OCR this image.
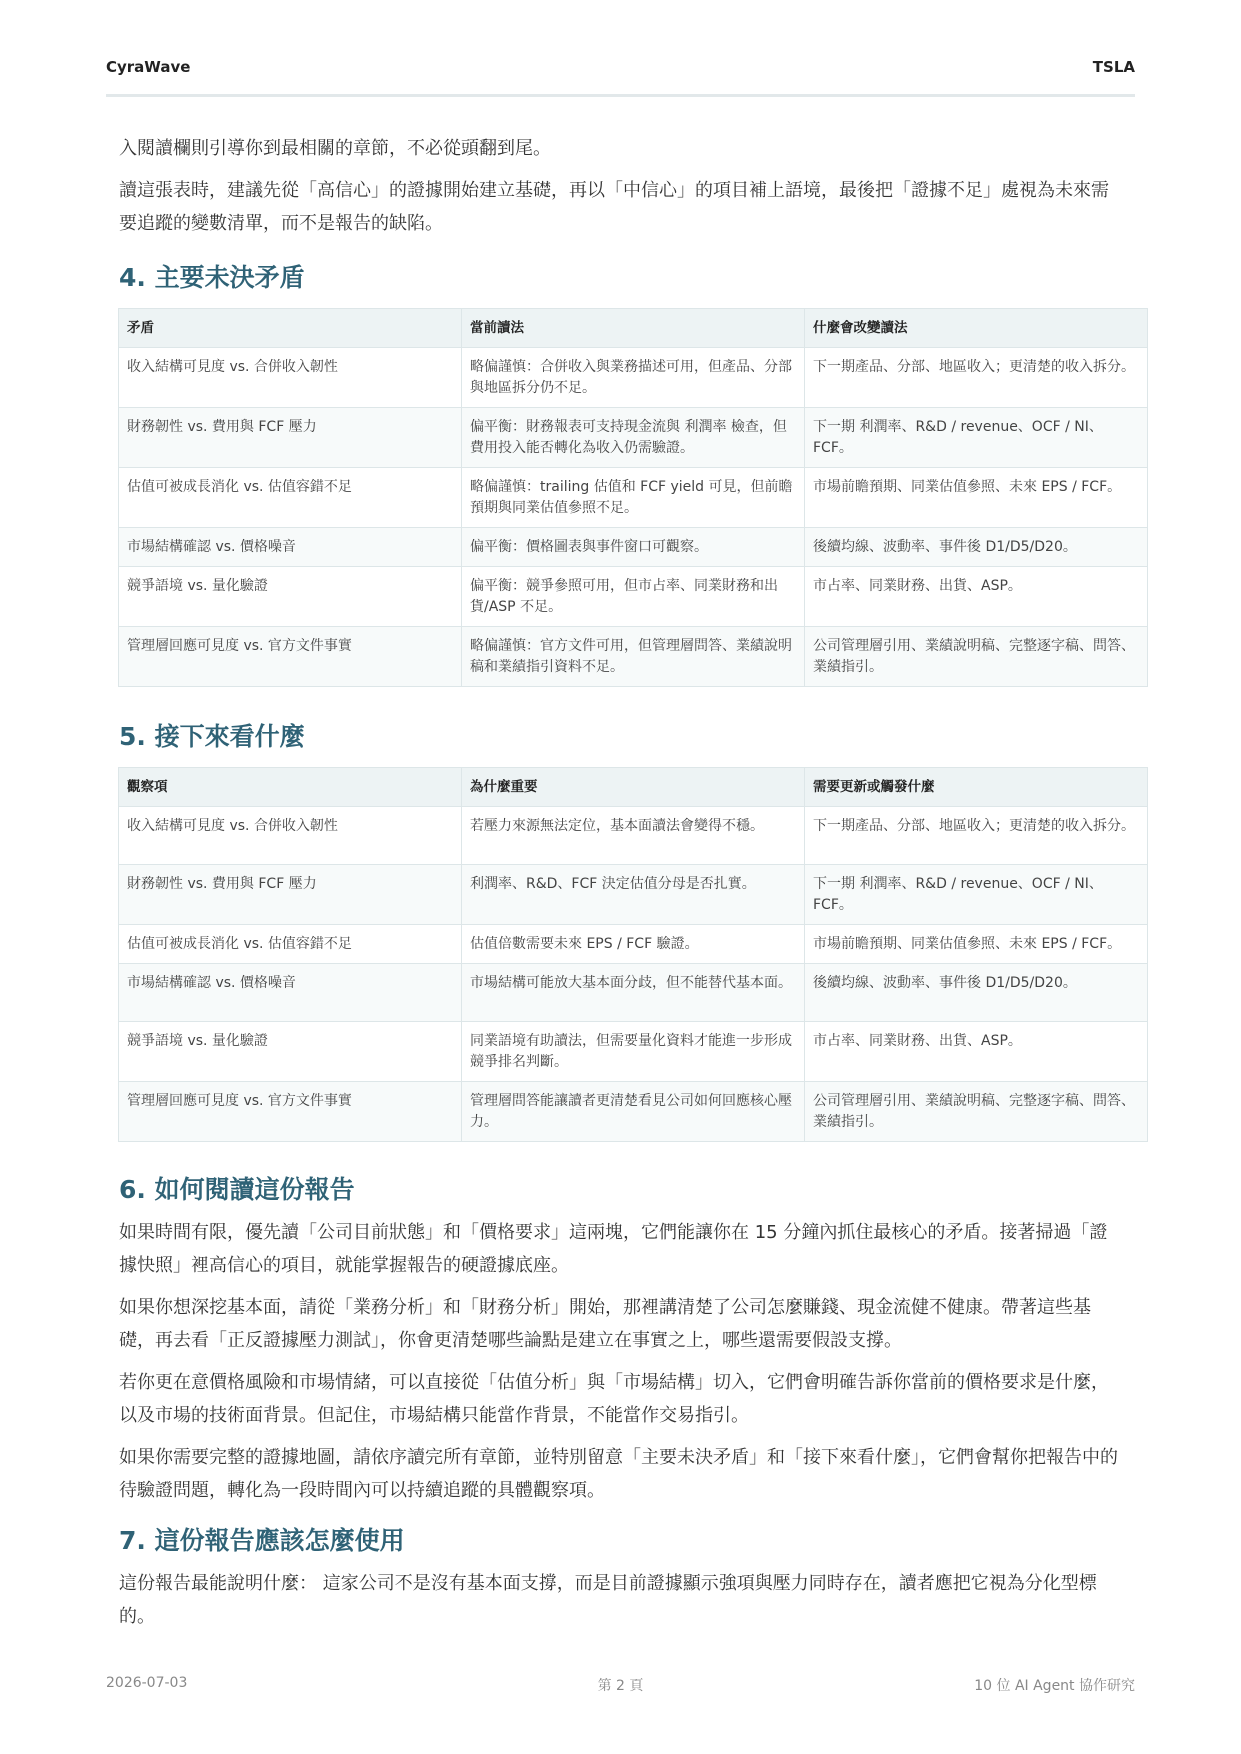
CyraWave	TSLA

入閱讀欄則引導你到最相關的章節，不必從頭翻到尾。

讀這張表時，建議先從「高信心」的證據開始建立基礎，再以「中信心」的項目補上語境，最後把「證據不足」處視為未來需要追蹤的變數清單，而不是報告的缺陷。

4. 主要未決矛盾
矛盾	當前讀法	什麼會改變讀法
收入結構可見度 vs. 合併收入韌性	略偏謹慎：合併收入與業務描述可用，但產品、分部與地區拆分仍不足。	下一期產品、分部、地區收入；更清楚的收入拆分。
財務韌性 vs. 費用與 FCF 壓力	偏平衡：財務報表可支持現金流與 利潤率 檢查，但費用投入能否轉化為收入仍需驗證。	下一期 利潤率、R&D / revenue、OCF / NI、FCF。
估值可被成長消化 vs. 估值容錯不足	略偏謹慎：trailing 估值和 FCF yield 可見，但前瞻預期與同業估值參照不足。	市場前瞻預期、同業估值參照、未來 EPS / FCF。
市場結構確認 vs. 價格噪音	偏平衡：價格圖表與事件窗口可觀察。	後續均線、波動率、事件後 D1/D5/D20。
競爭語境 vs. 量化驗證	偏平衡：競爭參照可用，但市占率、同業財務和出貨/ASP 不足。	市占率、同業財務、出貨、ASP。
管理層回應可見度 vs. 官方文件事實	略偏謹慎：官方文件可用，但管理層問答、業績說明稿和業績指引資料不足。	公司管理層引用、業績說明稿、完整逐字稿、問答、業績指引。
5. 接下來看什麼
觀察項	為什麼重要	需要更新或觸發什麼
收入結構可見度 vs. 合併收入韌性	若壓力來源無法定位，基本面讀法會變得不穩。	下一期產品、分部、地區收入；更清楚的收入拆分。
財務韌性 vs. 費用與 FCF 壓力	利潤率、R&D、FCF 決定估值分母是否扎實。	下一期 利潤率、R&D / revenue、OCF / NI、FCF。
估值可被成長消化 vs. 估值容錯不足	估值倍數需要未來 EPS / FCF 驗證。	市場前瞻預期、同業估值參照、未來 EPS / FCF。
市場結構確認 vs. 價格噪音	市場結構可能放大基本面分歧，但不能替代基本面。	後續均線、波動率、事件後 D1/D5/D20。
競爭語境 vs. 量化驗證	同業語境有助讀法，但需要量化資料才能進一步形成競爭排名判斷。	市占率、同業財務、出貨、ASP。
管理層回應可見度 vs. 官方文件事實	管理層問答能讓讀者更清楚看見公司如何回應核心壓力。	公司管理層引用、業績說明稿、完整逐字稿、問答、業績指引。
6. 如何閱讀這份報告

如果時間有限，優先讀「公司目前狀態」和「價格要求」這兩塊，它們能讓你在 15 分鐘內抓住最核心的矛盾。接著掃過「證據快照」裡高信心的項目，就能掌握報告的硬證據底座。

如果你想深挖基本面，請從「業務分析」和「財務分析」開始，那裡講清楚了公司怎麼賺錢、現金流健不健康。帶著這些基礎，再去看「正反證據壓力測試」，你會更清楚哪些論點是建立在事實之上，哪些還需要假設支撐。

若你更在意價格風險和市場情緒，可以直接從「估值分析」與「市場結構」切入，它們會明確告訴你當前的價格要求是什麼，以及市場的技術面背景。但記住，市場結構只能當作背景，不能當作交易指引。

如果你需要完整的證據地圖，請依序讀完所有章節，並特別留意「主要未決矛盾」和「接下來看什麼」，它們會幫你把報告中的待驗證問題，轉化為一段時間內可以持續追蹤的具體觀察項。

7. 這份報告應該怎麼使用

這份報告最能說明什麼： 這家公司不是沒有基本面支撐，而是目前證據顯示強項與壓力同時存在，讀者應把它視為分化型標的。

2026-07-03	第 2 頁	10 位 AI Agent 協作研究
